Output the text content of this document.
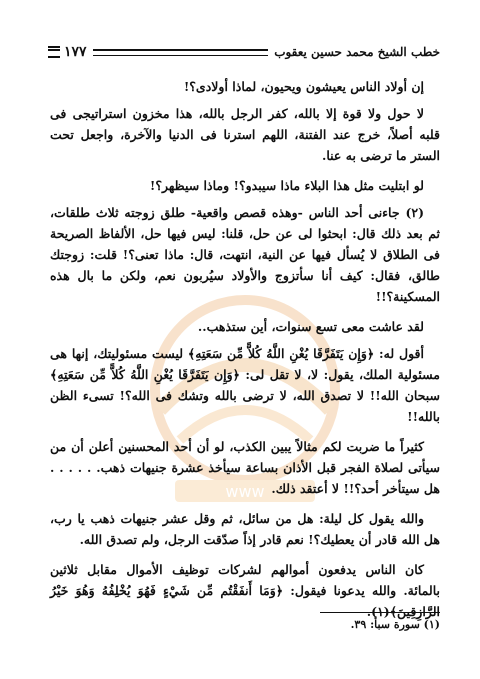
١٧٧	خطب الشيخ محمد حسين يعقوب
www

إن أولاد الناس يعيشون ويحيون، لماذا أولادى؟!

لا حول ولا قوة إلا بالله، كفر الرجل بالله، هذا مخزون استراتيجى فى قلبه أصلاً، خرج عند الفتنة، اللهم استرنا فى الدنيا والآخرة، واجعل تحت الستر ما ترضى به عنا.

لو ابتليت مثل هذا البلاء ماذا سيبدو؟! وماذا سيظهر؟!

(٢) جاءنى أحد الناس -وهذه قصص واقعية- طلق زوجته ثلاث طلقات، ثم بعد ذلك قال: ابحثوا لى عن حل، قلنا: ليس فيها حل، الألفاظ الصريحة فى الطلاق لا يُسأل فيها عن النية، انتهت، قال: ماذا تعنى؟! قلت: زوجتك طالق، فقال: كيف أنا سأتزوج والأولاد سيُربون نعم، ولكن ما بال هذه المسكينة؟!!

لقد عاشت معى تسع سنوات، أين ستذهب..

أقول له: ﴿وَإِن يَتَفَرَّقَا يُغْنِ اللَّهُ كُلاًّ مِّن سَعَتِهِ﴾ ليست مسئوليتك، إنها هى مسئولية الملك، يقول: لا، لا تقل لى: ﴿وَإِن يَتَفَرَّقَا يُغْنِ اللَّهُ كُلاًّ مِّن سَعَتِهِ﴾ سبحان الله!! لا تصدق الله، لا ترضى بالله وتشك فى الله؟! تسىء الظن بالله!!

كثيراً ما ضربت لكم مثالاً يبين الكذب، لو أن أحد المحسنين أعلن أن من سيأتى لصلاة الفجر قبل الأذان بساعة سيأخذ عشرة جنيهات ذهب. . . . . . هل سيتأخر أحد؟!! لا أعتقد ذلك.

والله يقول كل ليلة: هل من سائل، ثم وقل عشر جنيهات ذهب يا رب، هل الله قادر أن يعطيك؟! نعم قادر إذاً صدّقت الرجل، ولم تصدق الله.

كان الناس يدفعون أموالهم لشركات توظيف الأموال مقابل ثلاثين بالمائة. والله يدعونا فيقول: ﴿وَمَا أَنفَقْتُم مِّن شَيْءٍ فَهُوَ يُخْلِفُهُ وَهُوَ خَيْرُ الرَّازِقِينَ﴾(١).

(١) سورة سبأ: ٣٩.
